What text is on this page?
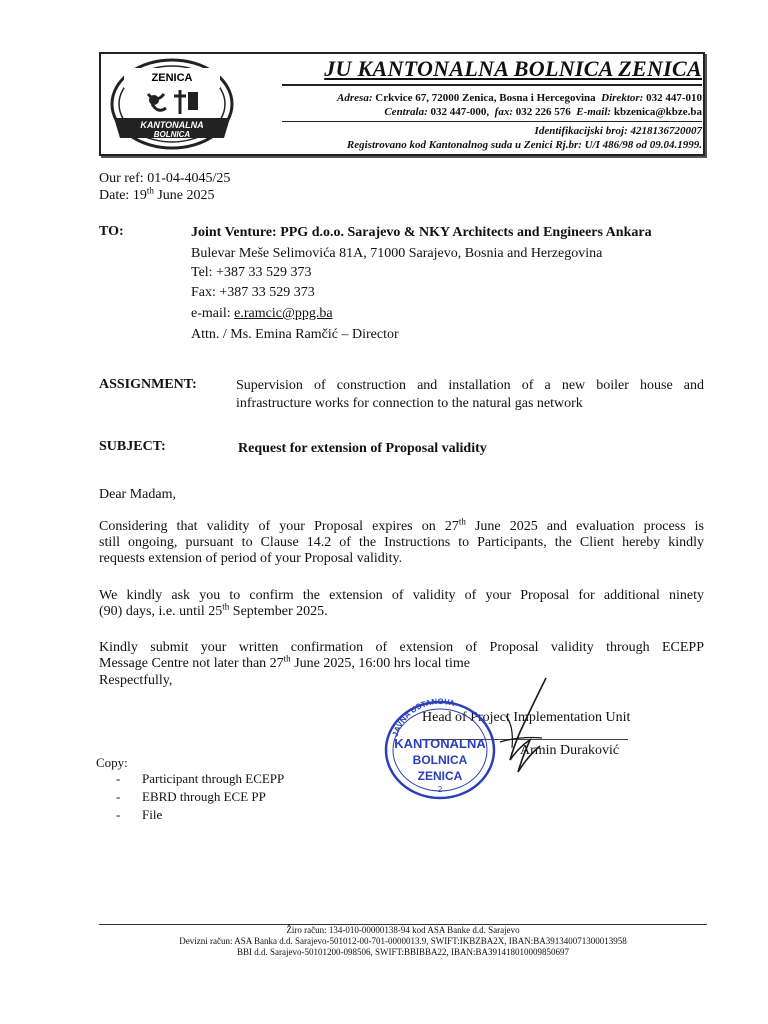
ZENICA
KANTONALNA
BOLNICA
JU KANTONALNA BOLNICA ZENICA
Adresa: Crkvice 67, 72000 Zenica, Bosna i Hercegovina Direktor: 032 447-010
Centrala: 032 447-000, fax: 032 226 576 E-mail: kbzenica@kbze.ba
Identifikacijski broj: 4218136720007
Registrovano kod Kantonalnog suda u Zenici Rj.br: U/I 486/98 od 09.04.1999.
Our ref: 01-04-4045/25
Date: 19th June 2025
TO:	Joint Venture: PPG d.o.o. Sarajevo & NKY Architects and Engineers Ankara
Bulevar Meše Selimovića 81A, 71000 Sarajevo, Bosnia and Herzegovina
Tel: +387 33 529 373
Fax: +387 33 529 373
e-mail: e.ramcic@ppg.ba
Attn. / Ms. Emina Ramčić – Director
ASSIGNMENT:	Supervision of construction and installation of a new boiler house and
infrastructure works for connection to the natural gas network
SUBJECT:	Request for extension of Proposal validity
Dear Madam,
Considering that validity of your Proposal expires on 27th June 2025 and evaluation process is
still ongoing, pursuant to Clause 14.2 of the Instructions to Participants, the Client hereby kindly
requests extension of period of your Proposal validity.
We kindly ask you to confirm the extension of validity of your Proposal for additional ninety
(90) days, i.e. until 25th September 2025.
Kindly submit your written confirmation of extension of Proposal validity through ECEPP
Message Centre not later than 27th June 2025, 16:00 hrs local time
Respectfully,
Head of Project Implementation Unit
Armin Duraković
JAVNA USTANOVA
KANTONALNA
BOLNICA
ZENICA
2
Copy:
- Participant through ECEPP
- EBRD through ECE PP
- File
Žiro račun: 134-010-00000138-94 kod ASA Banke d.d. Sarajevo
Devizni račun: ASA Banka d.d. Sarajevo-501012-00-701-0000013.9, SWIFT:IKBZBA2X, IBAN:BA391340071300013958
BBI d.d. Sarajevo-50101200-098506, SWIFT:BBIBBA22, IBAN:BA391418010009850697
